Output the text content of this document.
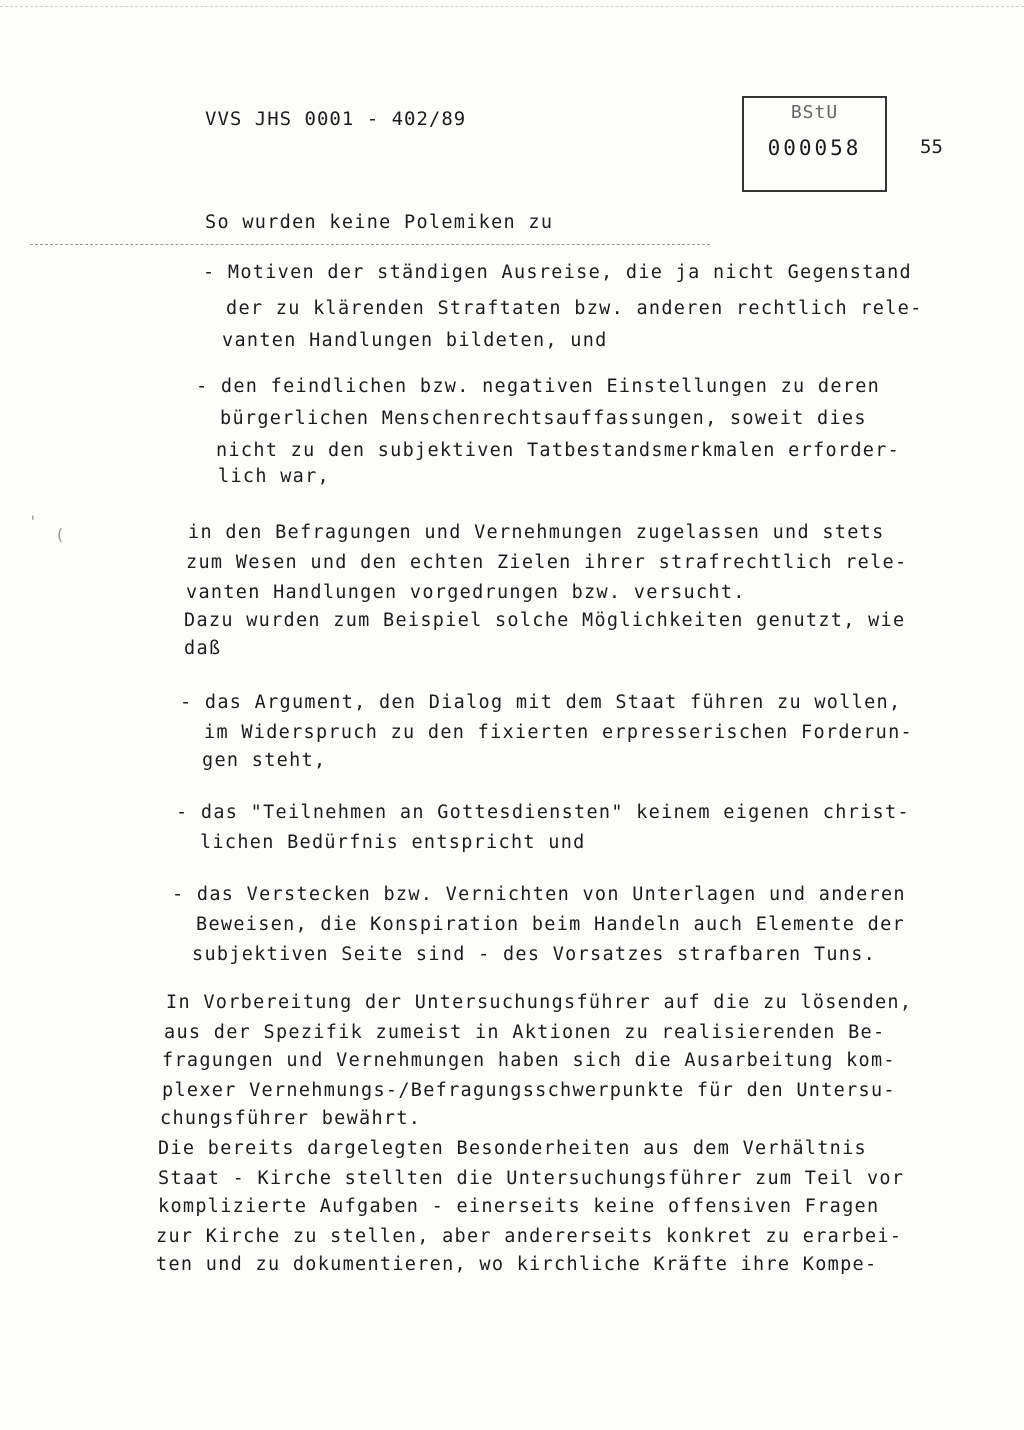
VVS JHS 0001 - 402/89	BStU
000058	55
(
'
So wurden keine Polemiken zu
- Motiven der ständigen Ausreise, die ja nicht Gegenstand
der zu klärenden Straftaten bzw. anderen rechtlich rele-
vanten Handlungen bildeten, und
- den feindlichen bzw. negativen Einstellungen zu deren
bürgerlichen Menschenrechtsauffassungen, soweit dies
nicht zu den subjektiven Tatbestandsmerkmalen erforder-
lich war,
in den Befragungen und Vernehmungen zugelassen und stets
zum Wesen und den echten Zielen ihrer strafrechtlich rele-
vanten Handlungen vorgedrungen bzw. versucht.
Dazu wurden zum Beispiel solche Möglichkeiten genutzt, wie
daß
- das Argument, den Dialog mit dem Staat führen zu wollen,
im Widerspruch zu den fixierten erpresserischen Forderun-
gen steht,
- das "Teilnehmen an Gottesdiensten" keinem eigenen christ-
lichen Bedürfnis entspricht und
- das Verstecken bzw. Vernichten von Unterlagen und anderen
Beweisen, die Konspiration beim Handeln auch Elemente der
subjektiven Seite sind - des Vorsatzes strafbaren Tuns.
In Vorbereitung der Untersuchungsführer auf die zu lösenden,
aus der Spezifik zumeist in Aktionen zu realisierenden Be-
fragungen und Vernehmungen haben sich die Ausarbeitung kom-
plexer Vernehmungs-/Befragungsschwerpunkte für den Untersu-
chungsführer bewährt.
Die bereits dargelegten Besonderheiten aus dem Verhältnis
Staat - Kirche stellten die Untersuchungsführer zum Teil vor
komplizierte Aufgaben - einerseits keine offensiven Fragen
zur Kirche zu stellen, aber andererseits konkret zu erarbei-
ten und zu dokumentieren, wo kirchliche Kräfte ihre Kompe-
